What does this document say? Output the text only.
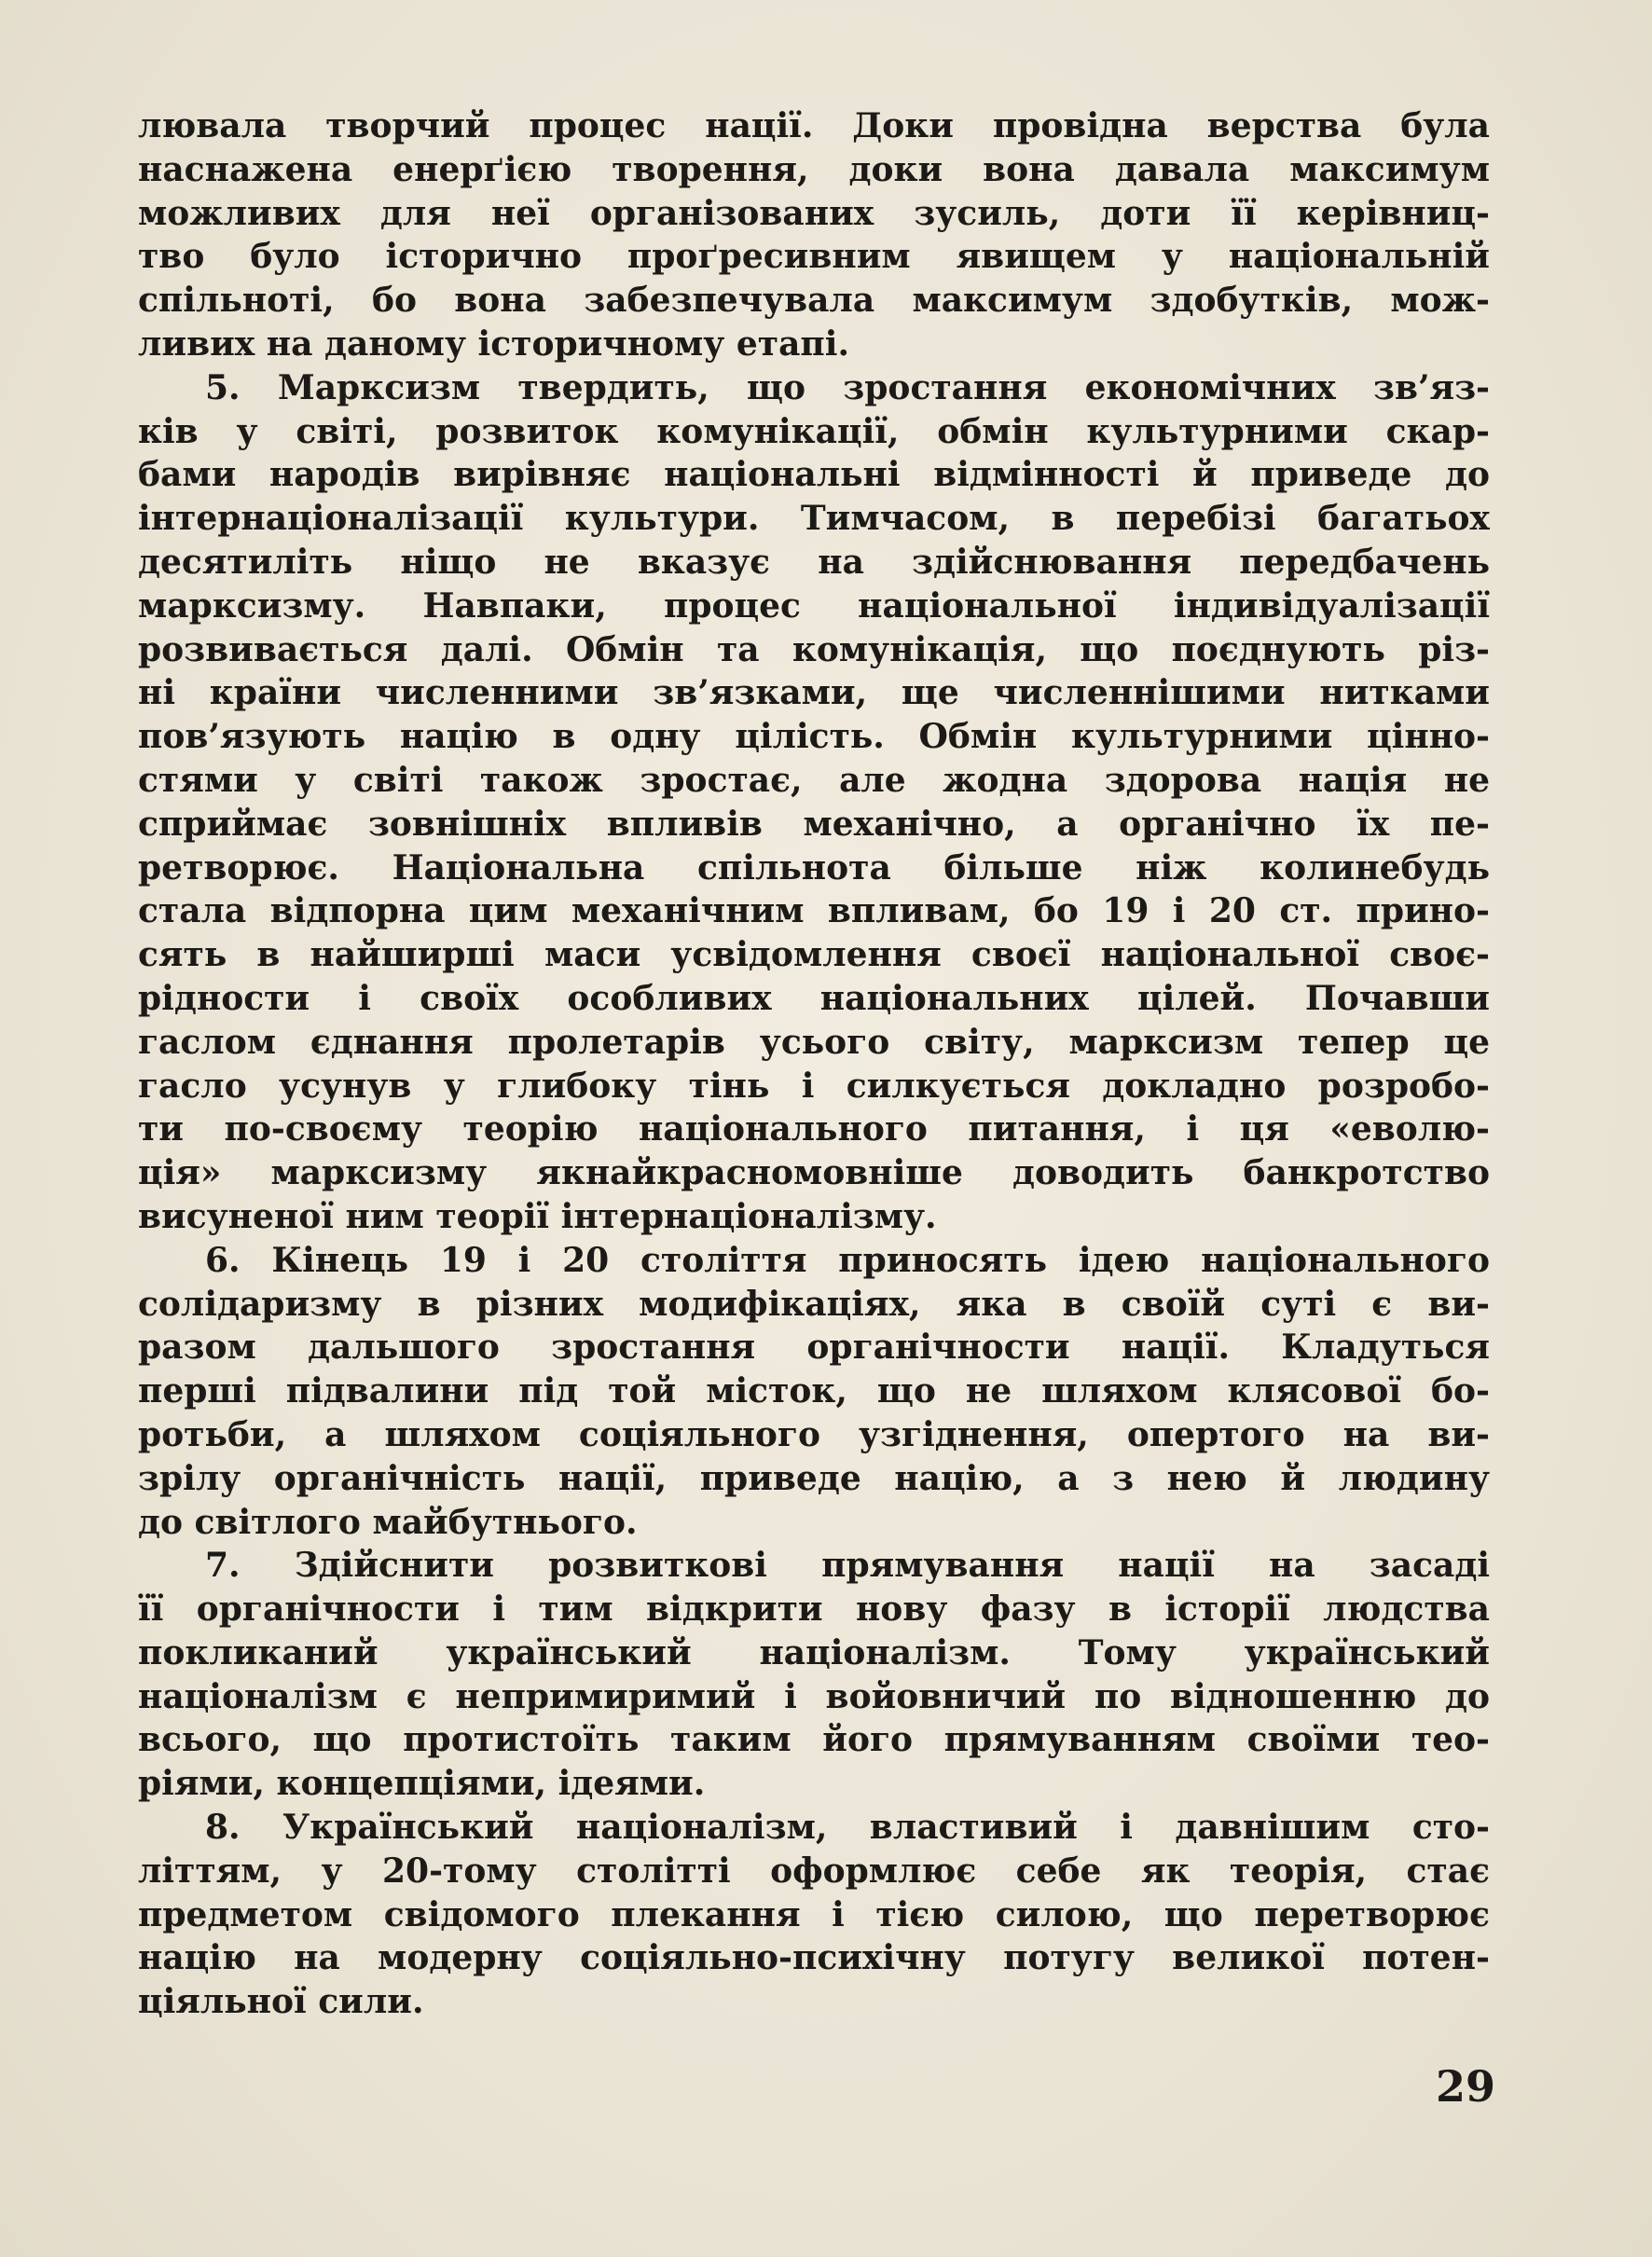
лювала творчий процес нації. Доки провідна верства була
наснажена енерґією творення, доки вона давала максимум
можливих для неї організованих зусиль, доти її керівниц-
тво було історично проґресивним явищем у національній
спільноті, бо вона забезпечувала максимум здобутків, мож-
ливих на даному історичному етапі.
5. Марксизм твердить, що зростання економічних зв’яз-
ків у світі, розвиток комунікації, обмін культурними скар-
бами народів вирівняє національні відмінності й приведе до
інтернаціоналізації культури. Тимчасом, в перебізі багатьох
десятиліть ніщо не вказує на здійснювання передбачень
марксизму. Навпаки, процес національної індивідуалізації
розвивається далі. Обмін та комунікація, що поєднують різ-
ні країни численними зв’язками, ще численнішими нитками
пов’язують націю в одну цілість. Обмін культурними цінно-
стями у світі також зростає, але жодна здорова нація не
сприймає зовнішніх впливів механічно, а органічно їх пе-
ретворює. Національна спільнота більше ніж колинебудь
стала відпорна цим механічним впливам, бо 19 і 20 ст. прино-
сять в найширші маси усвідомлення своєї національної своє-
рідности і своїх особливих національних цілей. Почавши
гаслом єднання пролетарів усього світу, марксизм тепер це
гасло усунув у глибоку тінь і силкується докладно розробо-
ти по-своєму теорію національного питання, і ця «еволю-
ція» марксизму якнайкрасномовніше доводить банкротство
висуненої ним теорії інтернаціоналізму.
6. Кінець 19 і 20 століття приносять ідею національного
солідаризму в різних модифікаціях, яка в своїй суті є ви-
разом дальшого зростання органічности нації. Кладуться
перші підвалини під той місток, що не шляхом клясової бо-
ротьби, а шляхом соціяльного узгіднення, опертого на ви-
зрілу органічність нації, приведе націю, а з нею й людину
до світлого майбутнього.
7. Здійснити розвиткові прямування нації на засаді
її органічности і тим відкрити нову фазу в історії людства
покликаний український націоналізм. Тому український
націоналізм є непримиримий і войовничий по відношенню до
всього, що протистоїть таким його прямуванням своїми тео-
ріями, концепціями, ідеями.
8. Український націоналізм, властивий і давнішим сто-
літтям, у 20-тому столітті оформлює себе як теорія, стає
предметом свідомого плекання і тією силою, що перетворює
націю на модерну соціяльно-психічну потугу великої потен-
ціяльної сили.
29
